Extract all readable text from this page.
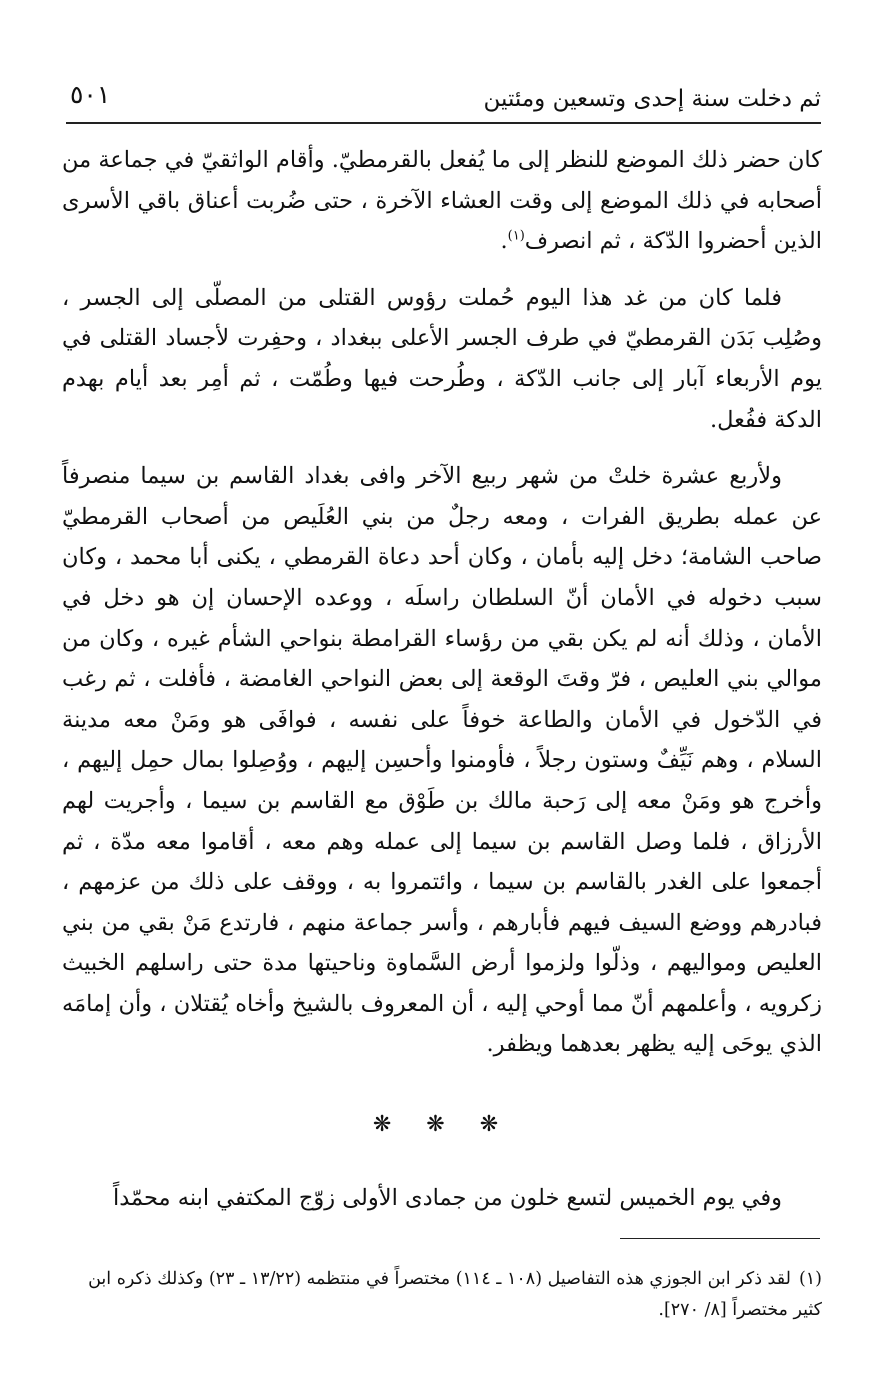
ثم دخلت سنة إحدى وتسعين ومئتين
٥٠١

كان حضر ذلك الموضع للنظر إلى ما يُفعل بالقرمطيّ. وأقام الواثقيّ في جماعة من أصحابه في ذلك الموضع إلى وقت العشاء الآخرة ، حتى ضُربت أعناق باقي الأسرى الذين أحضروا الدّكة ، ثم انصرف$^{(١)}$.

فلما كان من غد هذا اليوم حُملت رؤوس القتلى من المصلّى إلى الجسر ، وصُلِب بَدَن القرمطيّ في طرف الجسر الأعلى ببغداد ، وحفِرت لأجساد القتلى في يوم الأربعاء آبار إلى جانب الدّكة ، وطُرحت فيها وطُمّت ، ثم أمِر بعد أيام بهدم الدكة ففُعل.

ولأربع عشرة خلتْ من شهر ربيع الآخر وافى بغداد القاسم بن سيما منصرفاً عن عمله بطريق الفرات ، ومعه رجلٌ من بني العُلَيص من أصحاب القرمطيّ صاحب الشامة؛ دخل إليه بأمان ، وكان أحد دعاة القرمطي ، يكنى أبا محمد ، وكان سبب دخوله في الأمان أنّ السلطان راسلَه ، ووعده الإحسان إن هو دخل في الأمان ، وذلك أنه لم يكن بقي من رؤساء القرامطة بنواحي الشأم غيره ، وكان من موالي بني العليص ، فرّ وقتَ الوقعة إلى بعض النواحي الغامضة ، فأفلت ، ثم رغب في الدّخول في الأمان والطاعة خوفاً على نفسه ، فوافَى هو ومَنْ معه مدينة السلام ، وهم نَيِّفٌ وستون رجلاً ، فأومنوا وأحسِن إليهم ، ووُصِلوا بمال حمِل إليهم ، وأخرج هو ومَنْ معه إلى رَحبة مالك بن طَوْق مع القاسم بن سيما ، وأجريت لهم الأرزاق ، فلما وصل القاسم بن سيما إلى عمله وهم معه ، أقاموا معه مدّة ، ثم أجمعوا على الغدر بالقاسم بن سيما ، وائتمروا به ، ووقف على ذلك من عزمهم ، فبادرهم ووضع السيف فيهم فأبارهم ، وأسر جماعة منهم ، فارتدع مَنْ بقي من بني العليص ومواليهم ، وذلّوا ولزموا أرض السَّماوة وناحيتها مدة حتى راسلهم الخبيث زكرويه ، وأعلمهم أنّ مما أوحي إليه ، أن المعروف بالشيخ وأخاه يُقتلان ، وأن إمامَه الذي يوحَى إليه يظهر بعدهما ويظفر.

❋ ❋ ❋

وفي يوم الخميس لتسع خلون من جمادى الأولى زوّج المكتفي ابنه محمّداً

(١)لقد ذكر ابن الجوزي هذه التفاصيل (١٠٨ ـ ١١٤) مختصراً في منتظمه (١٣/٢٢ ـ ٢٣) وكذلك ذكره ابن كثير مختصراً [٨/ ٢٧٠].
